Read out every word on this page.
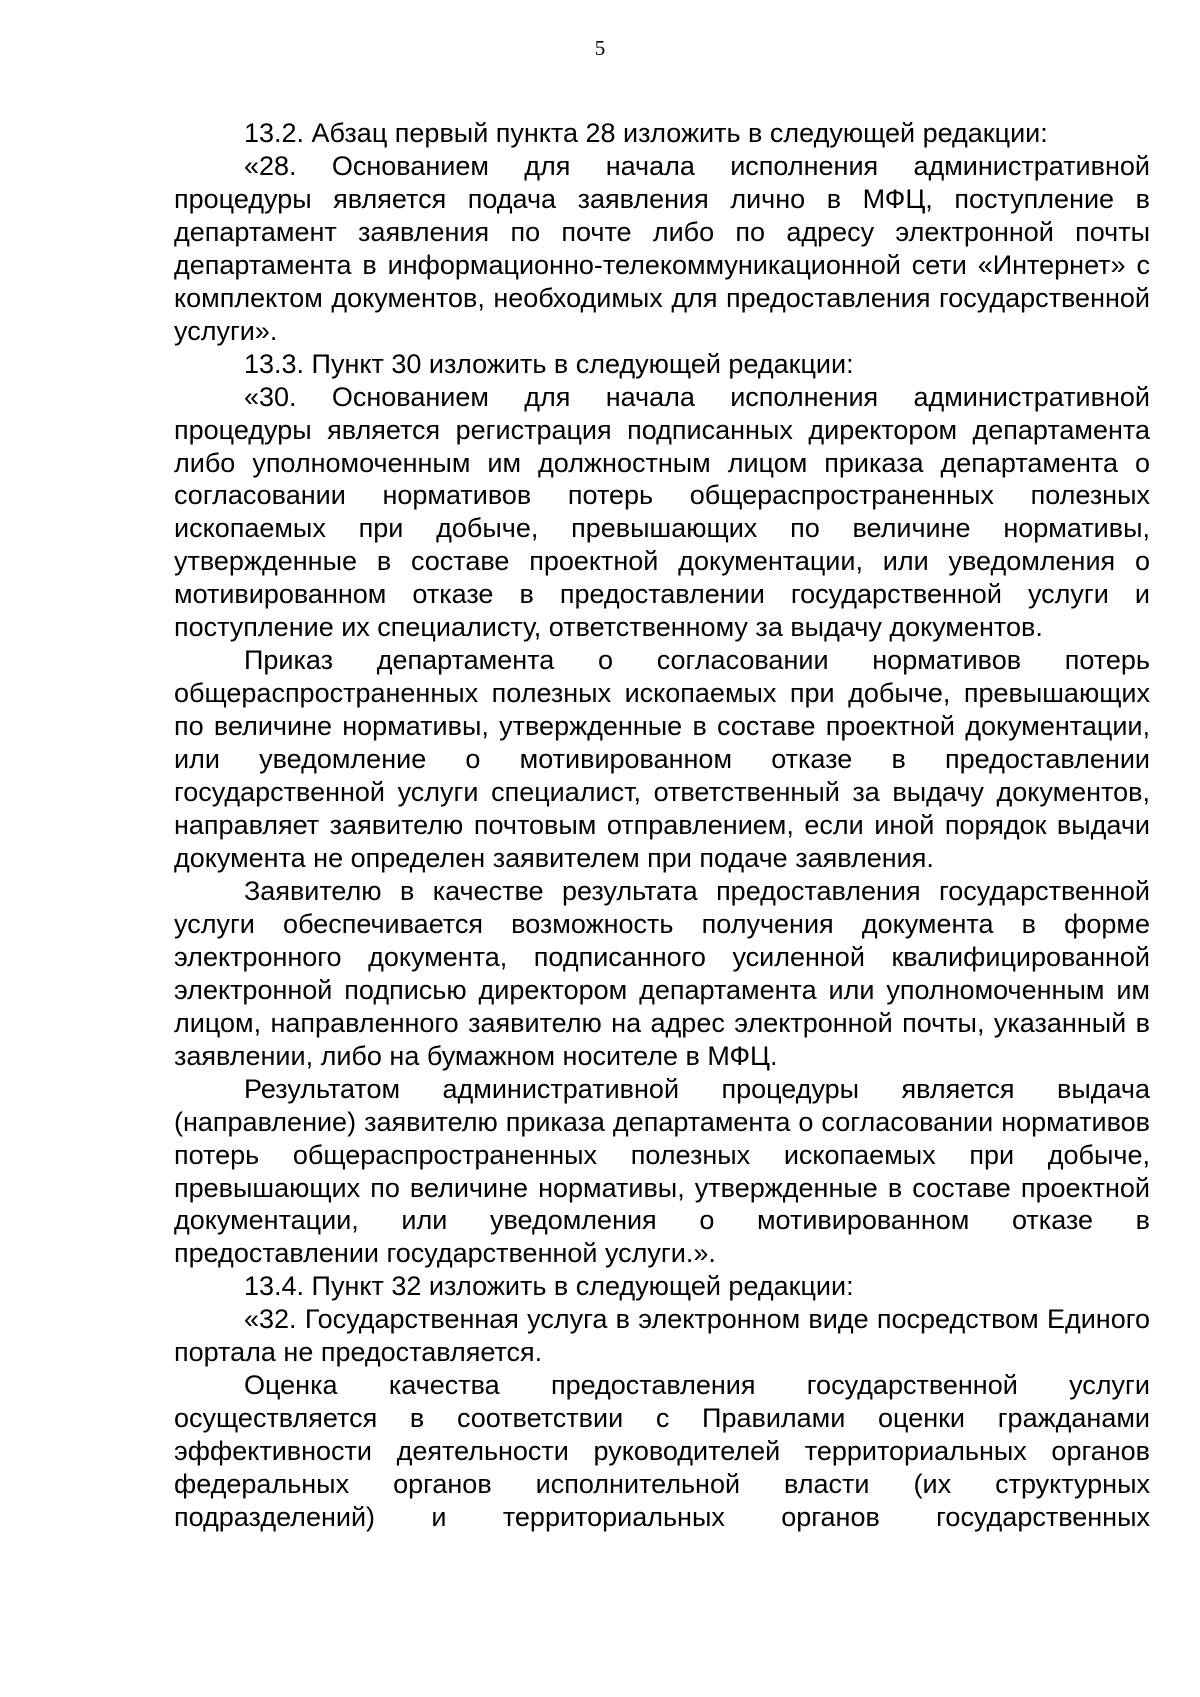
5

13.2. Абзац первый пункта 28 изложить в следующей редакции:

«28. Основанием для начала исполнения административной процедуры является подача заявления лично в МФЦ, поступление в департамент заявления по почте либо по адресу электронной почты департамента в информационно-телекоммуникационной сети «Интернет» с комплектом документов, необходимых для предоставления государственной услуги».

13.3. Пункт 30 изложить в следующей редакции:

«30. Основанием для начала исполнения административной процедуры является регистрация подписанных директором департамента либо уполномоченным им должностным лицом приказа департамента о согласовании нормативов потерь общераспространенных полезных ископаемых при добыче, превышающих по величине нормативы, утвержденные в составе проектной документации, или уведомления о мотивированном отказе в предоставлении государственной услуги и поступление их специалисту, ответственному за выдачу документов.

Приказ департамента о согласовании нормативов потерь общераспространенных полезных ископаемых при добыче, превышающих по величине нормативы, утвержденные в составе проектной документации, или уведомление о мотивированном отказе в предоставлении государственной услуги специалист, ответственный за выдачу документов, направляет заявителю почтовым отправлением, если иной порядок выдачи документа не определен заявителем при подаче заявления.

Заявителю в качестве результата предоставления государственной услуги обеспечивается возможность получения документа в форме электронного документа, подписанного усиленной квалифицированной электронной подписью директором департамента или уполномоченным им лицом, направленного заявителю на адрес электронной почты, указанный в заявлении, либо на бумажном носителе в МФЦ.

Результатом административной процедуры является выдача (направление) заявителю приказа департамента о согласовании нормативов потерь общераспространенных полезных ископаемых при добыче, превышающих по величине нормативы, утвержденные в составе проектной документации, или уведомления о мотивированном отказе в предоставлении государственной услуги.».

13.4. Пункт 32 изложить в следующей редакции:

«32. Государственная услуга в электронном виде посредством Единого портала не предоставляется.

Оценка качества предоставления государственной услуги осуществляется в соответствии с Правилами оценки гражданами эффективности деятельности руководителей территориальных органов федеральных органов исполнительной власти (их структурных подразделений) и территориальных органов государственных
